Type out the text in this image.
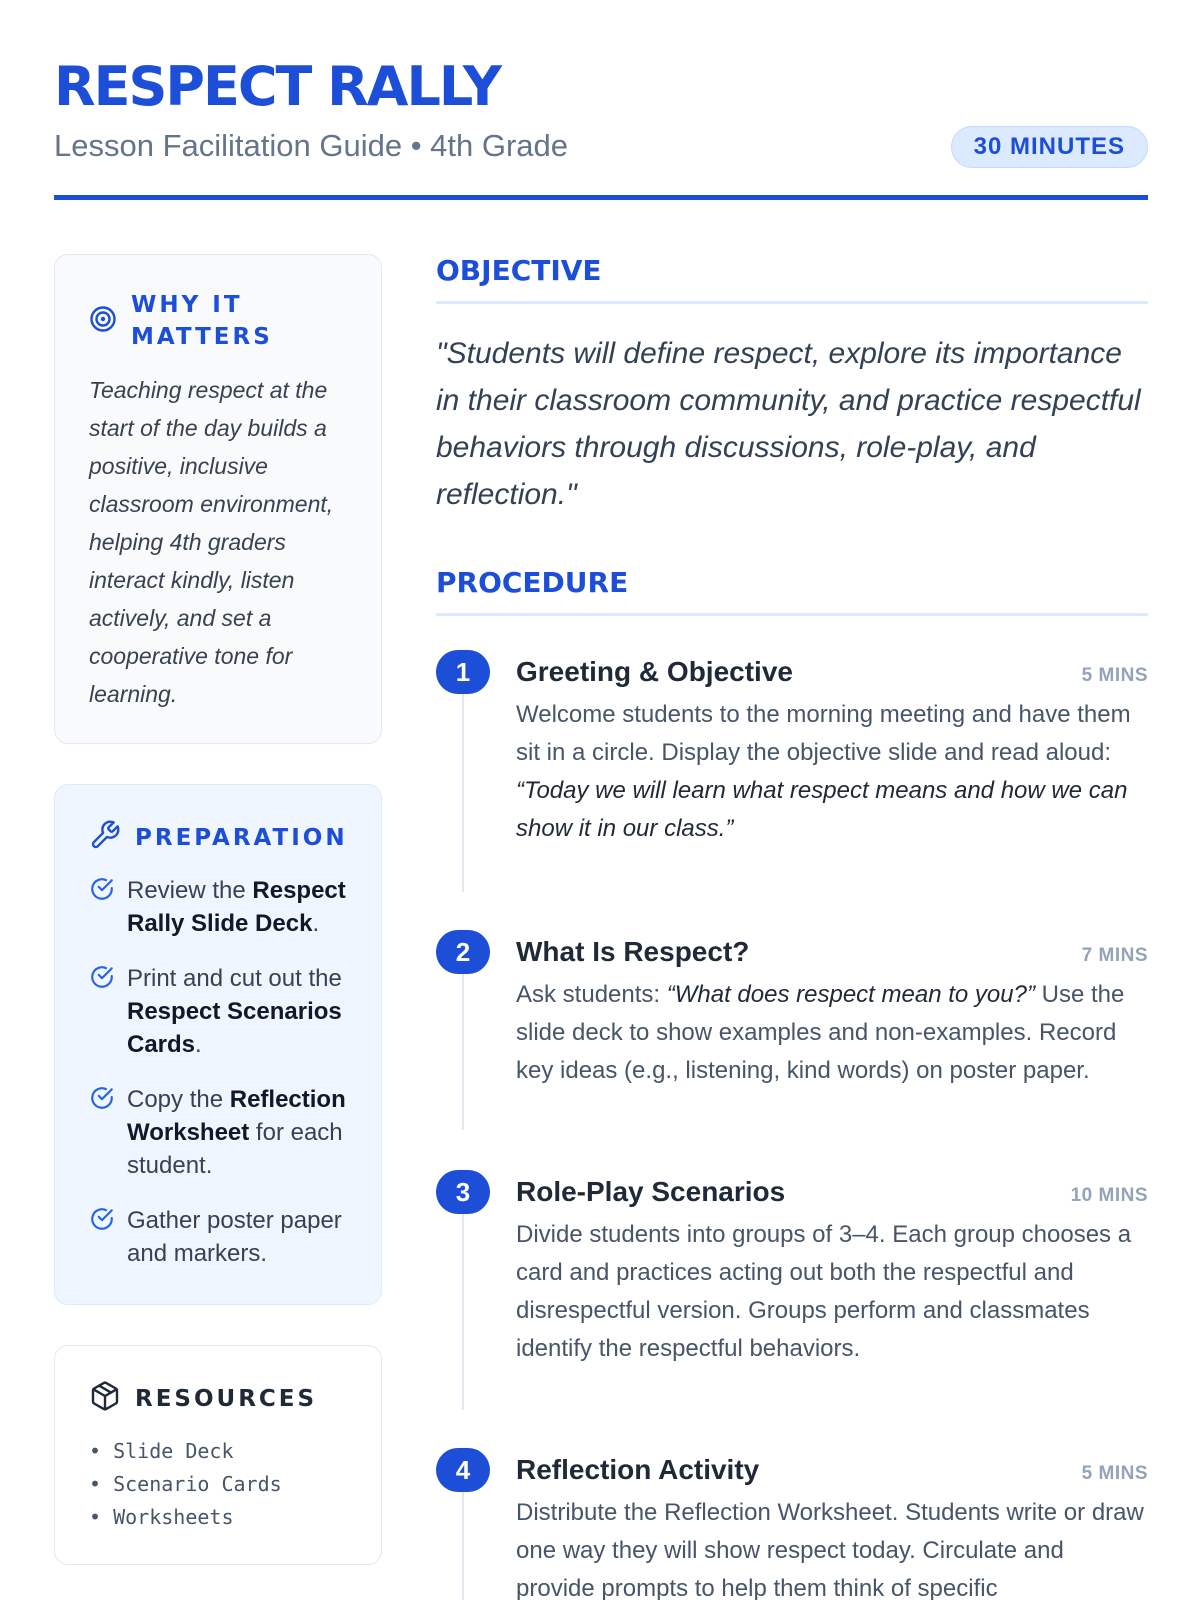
RESPECT RALLY
Lesson Facilitation Guide • 4th Grade	30 MINUTES
WHY IT MATTERS

Teaching respect at the start of the day builds a positive, inclusive classroom environment, helping 4th graders interact kindly, listen actively, and set a cooperative tone for learning.

PREPARATION
Review the Respect Rally Slide Deck.
Print and cut out the Respect Scenarios Cards.
Copy the Reflection Worksheet for each student.
Gather poster paper and markers.
RESOURCES
• Slide Deck
• Scenario Cards
• Worksheets
OBJECTIVE

"Students will define respect, explore its importance in their classroom community, and practice respectful behaviors through discussions, role-play, and reflection."

PROCEDURE
1	Greeting & Objective	5 MINS

Welcome students to the morning meeting and have them sit in a circle. Display the objective slide and read aloud: “Today we will learn what respect means and how we can show it in our class.”

2	What Is Respect?	7 MINS

Ask students: “What does respect mean to you?” Use the slide deck to show examples and non-examples. Record key ideas (e.g., listening, kind words) on poster paper.

3	Role-Play Scenarios	10 MINS

Divide students into groups of 3–4. Each group chooses a card and practices acting out both the respectful and disrespectful version. Groups perform and classmates identify the respectful behaviors.

4	Reflection Activity	5 MINS

Distribute the Reflection Worksheet. Students write or draw one way they will show respect today. Circulate and provide prompts to help them think of specific
